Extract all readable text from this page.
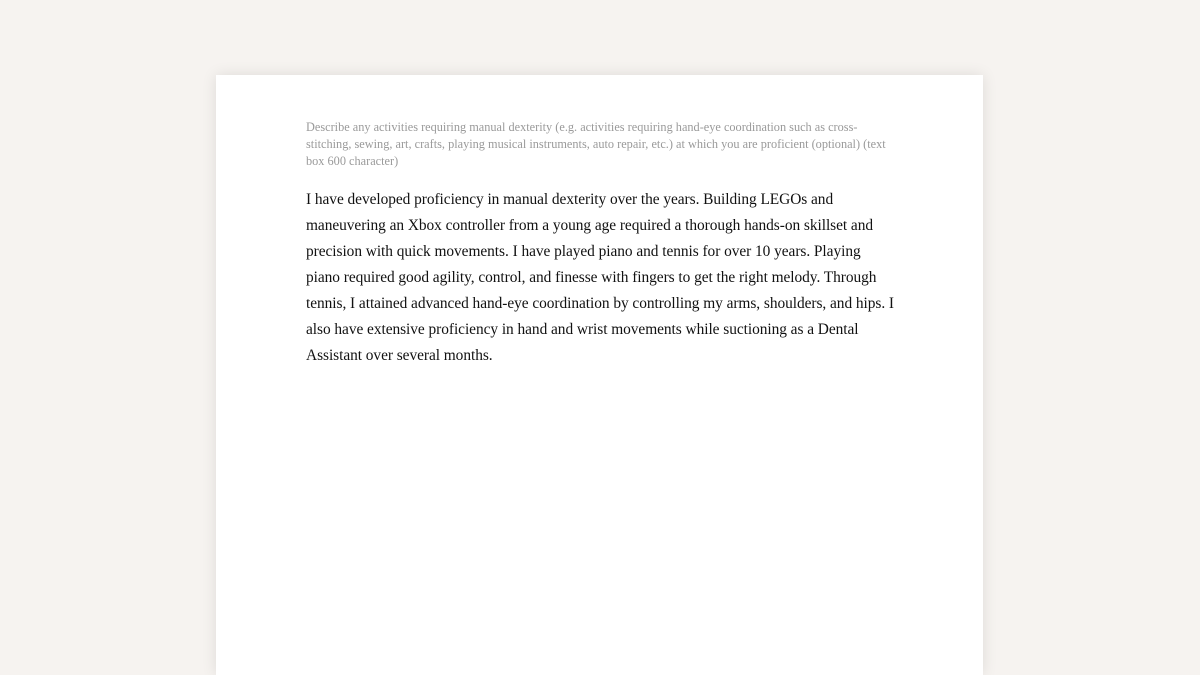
Describe any activities requiring manual dexterity (e.g. activities requiring hand-eye coordination such as cross-stitching, sewing, art, crafts, playing musical instruments, auto repair, etc.) at which you are proficient (optional) (text box 600 character)

I have developed proficiency in manual dexterity over the years. Building LEGOs and maneuvering an Xbox controller from a young age required a thorough hands-on skillset and precision with quick movements. I have played piano and tennis for over 10 years. Playing piano required good agility, control, and finesse with fingers to get the right melody. Through tennis, I attained advanced hand-eye coordination by controlling my arms, shoulders, and hips. I also have extensive proficiency in hand and wrist movements while suctioning as a Dental Assistant over several months.
